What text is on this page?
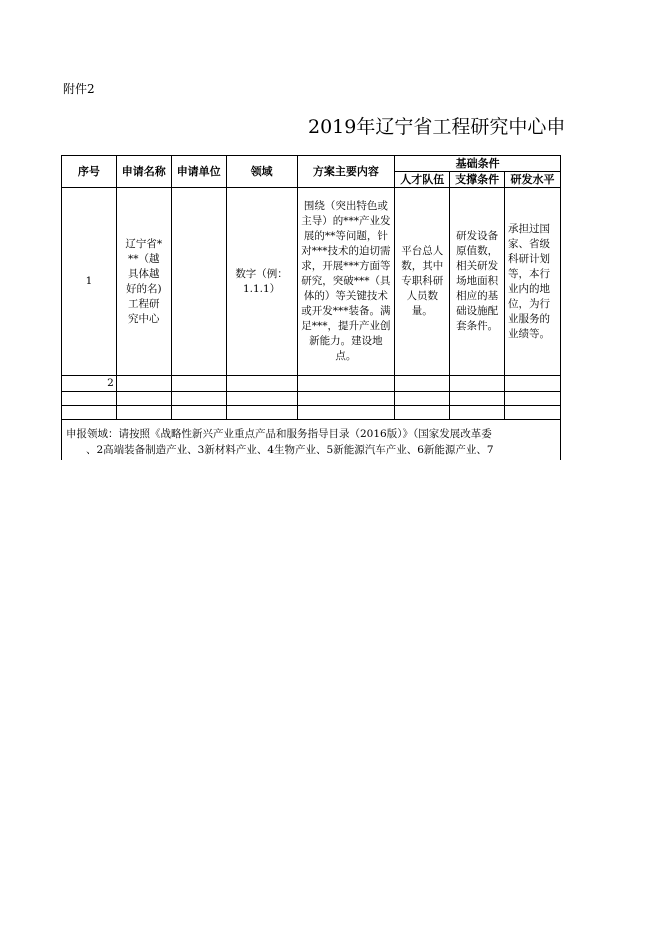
附件2
2019年辽宁省工程研究中心申
序号	申请名称	申请单位	领域	方案主要内容	基础条件		
					人才队伍	支撑条件	研发水平
1	辽宁省***（越具体越好的名)工程研究中心		数字（例：1.1.1）	围绕（突出特色或主导）的***产业发展的**等问题，针对***技术的迫切需求，开展***方面等研究，突破***（具体的）等关键技术或开发***装备。满足***，提升产业创新能力。建设地点。	平台总人数，其中专职科研人员数量。	研发设备原值数，相关研发场地面积相应的基础设施配套条件。	承担过国家、省级科研计划等，本行业内的地位，为行业服务的业绩等。
2							

申报领域：请按照《战略性新兴产业重点产品和服务指导目录（2016版）》（国家发展改革委
、2高端装备制造产业、3新材料产业、4生物产业、5新能源汽车产业、6新能源产业、7							
